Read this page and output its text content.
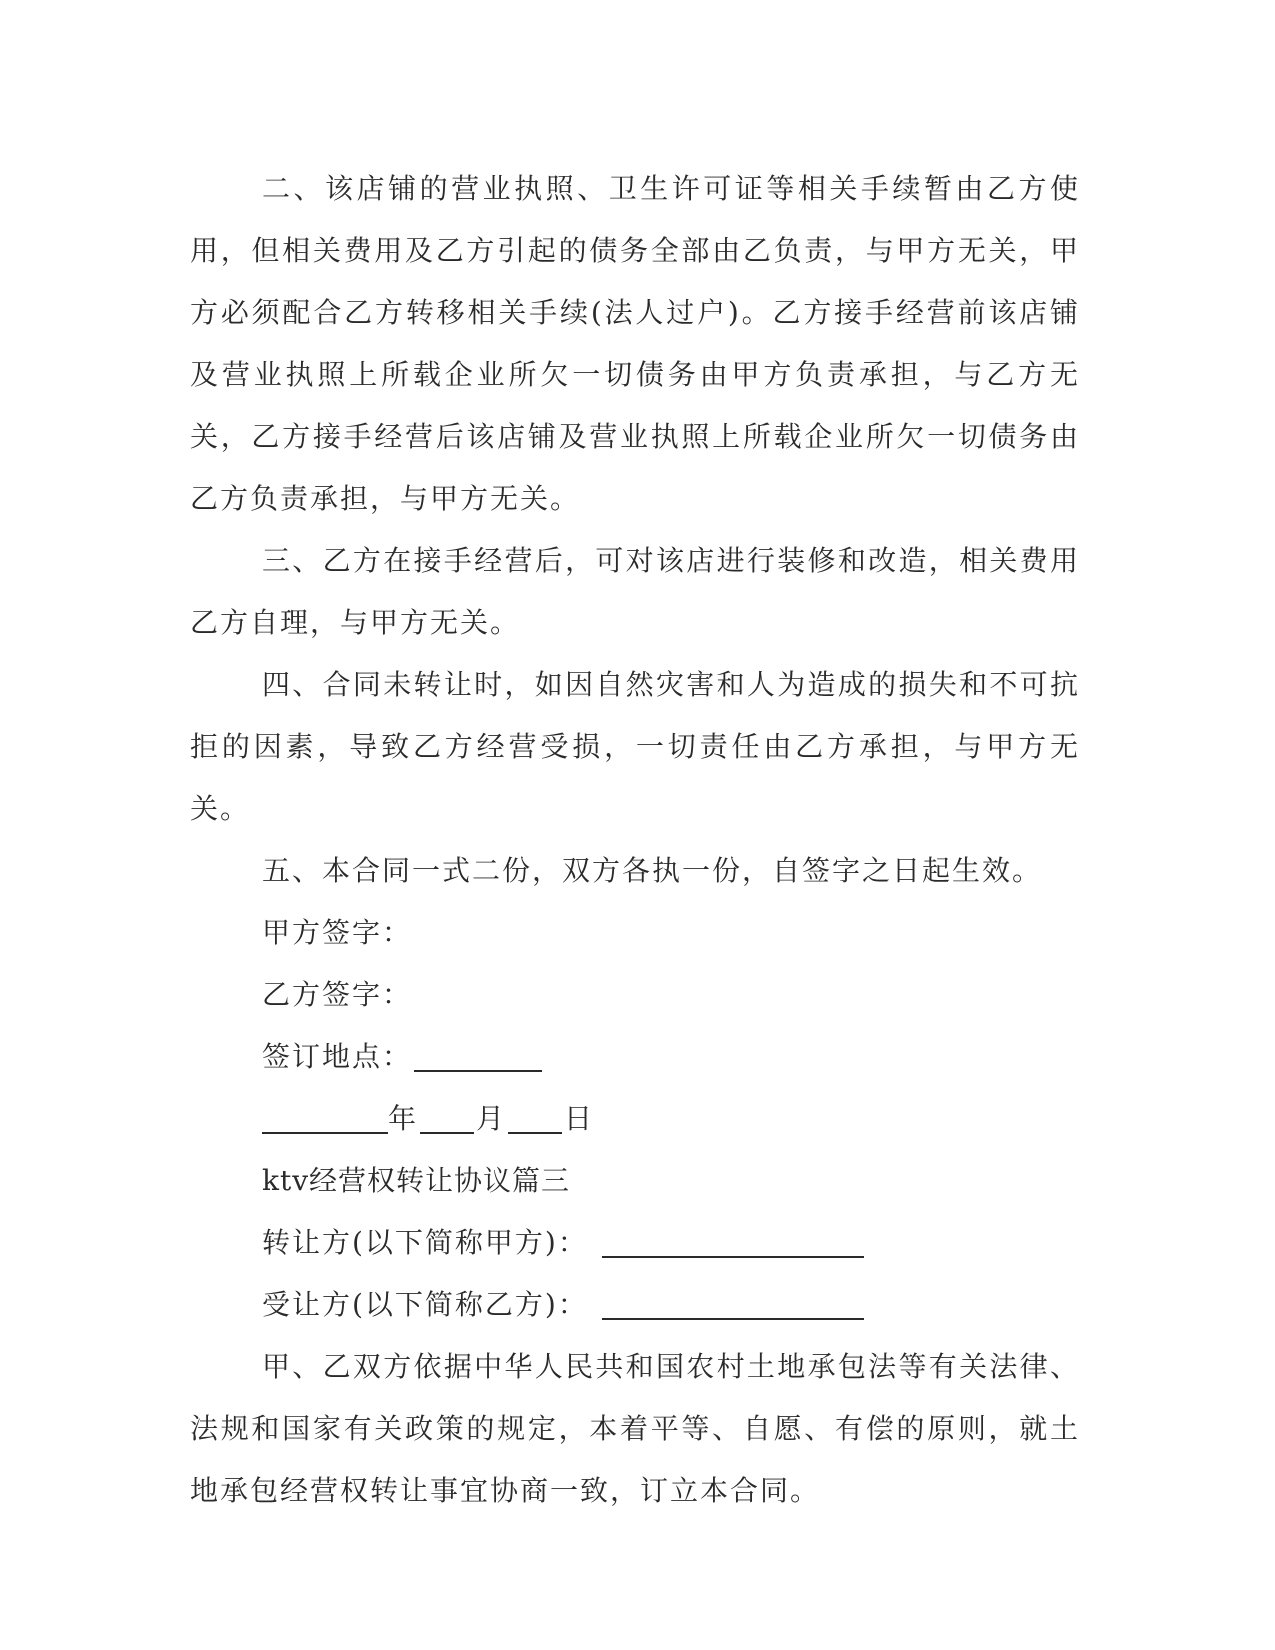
二、该店铺的营业执照、卫生许可证等相关手续暂由乙方使用，但相关费用及乙方引起的债务全部由乙负责，与甲方无关，甲方必须配合乙方转移相关手续(法人过户)。乙方接手经营前该店铺及营业执照上所载企业所欠一切债务由甲方负责承担，与乙方无关，乙方接手经营后该店铺及营业执照上所载企业所欠一切债务由乙方负责承担，与甲方无关。

三、乙方在接手经营后，可对该店进行装修和改造，相关费用乙方自理，与甲方无关。

四、合同未转让时，如因自然灾害和人为造成的损失和不可抗拒的因素，导致乙方经营受损，一切责任由乙方承担，与甲方无关。

五、本合同一式二份，双方各执一份，自签字之日起生效。

甲方签字：

乙方签字：

签订地点：

年 月 日

ktv经营权转让协议篇三

转让方(以下简称甲方)：

受让方(以下简称乙方)：

甲、乙双方依据中华人民共和国农村土地承包法等有关法律、法规和国家有关政策的规定，本着平等、自愿、有偿的原则，就土地承包经营权转让事宜协商一致，订立本合同。
